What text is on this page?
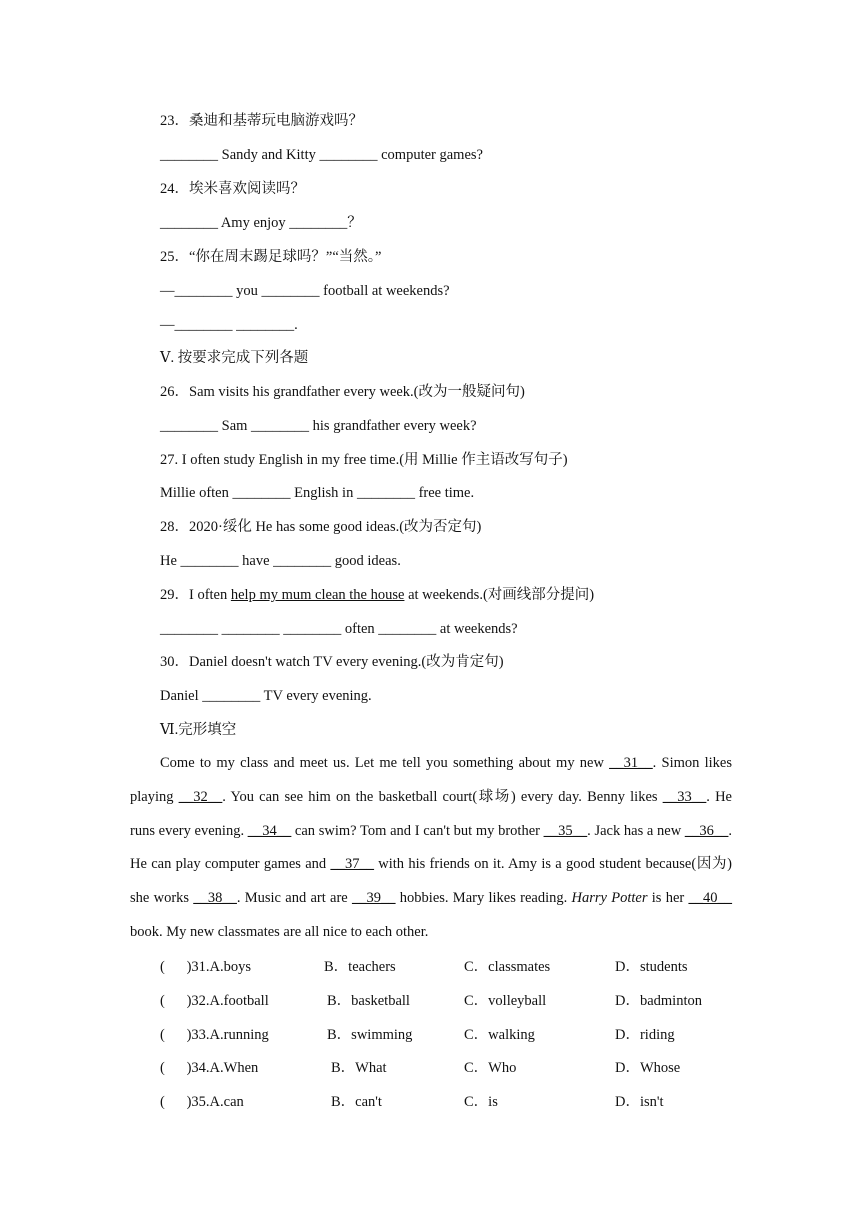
23．桑迪和基蒂玩电脑游戏吗？
________ Sandy and Kitty ________ computer games?
24．埃米喜欢阅读吗？
________ Amy enjoy ________？
25．“你在周末踢足球吗？”“当然。”
—________ you ________ football at weekends?
—________ ________.
Ⅴ. 按要求完成下列各题
26．Sam visits his grandfather every week.(改为一般疑问句)
________ Sam ________ his grandfather every week?
27. I often study English in my free time.(用 Millie 作主语改写句子)
Millie often ________ English in ________ free time.
28．2020·绥化 He has some good ideas.(改为否定句)
He ________ have ________ good ideas.
29．I often help my mum clean the house at weekends.(对画线部分提问)
________ ________ ________ often ________ at weekends?
30．Daniel doesn't watch TV every evening.(改为肯定句)
Daniel ________ TV every evening.
Ⅵ.完形填空
Come to my class and meet us. Let me tell you something about my new __31__. Simon likes playing __32__. You can see him on the basketball court(球场) every day. Benny likes __33__. He runs every evening. __34__ can swim? Tom and I can't but my brother __35__. Jack has a new __36__. He can play computer games and __37__ with his friends on it. Amy is a good student because(因为) she works __38__. Music and art are __39__ hobbies. Mary likes reading. Harry Potter is her __40__ book. My new classmates are all nice to each other.
(      )31.A.boys	B．teachers	C．classmates	D．students
(      )32.A.football	B．basketball	C．volleyball	D．badminton
(      )33.A.running	B．swimming	C．walking	D．riding
(      )34.A.When	B．What	C．Who	D．Whose
(      )35.A.can	B．can't	C．is	D．isn't
